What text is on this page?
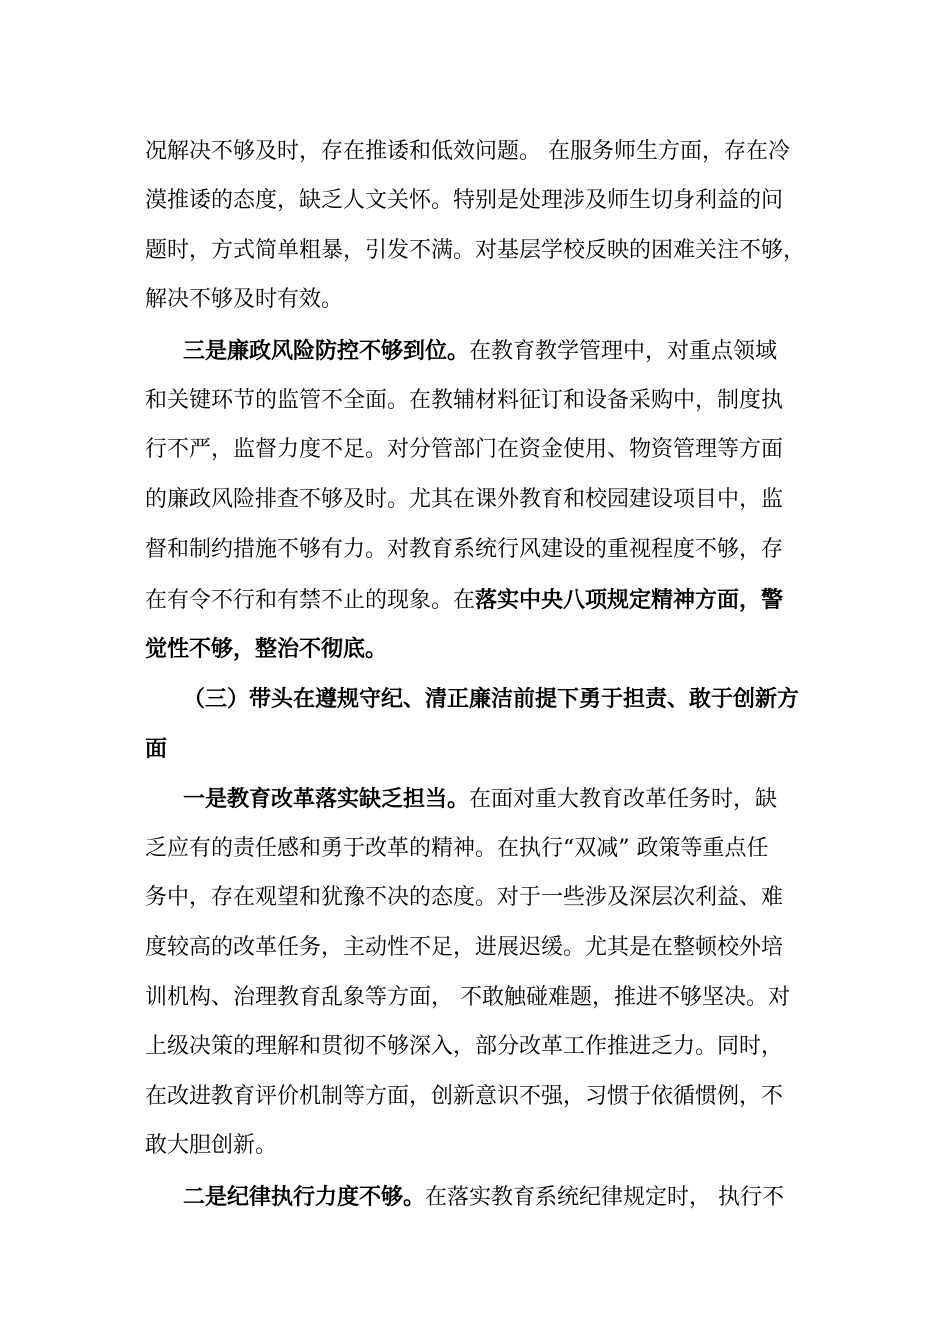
况解决不够及时，存在推诿和低效问题。 在服务师生方面，存在冷
漠推诿的态度，缺乏人文关怀。特别是处理涉及师生切身利益的问
题时，方式简单粗暴，引发不满。对基层学校反映的困难关注不够，
解决不够及时有效。
三是廉政风险防控不够到位。在教育教学管理中，对重点领域
和关键环节的监管不全面。在教辅材料征订和设备采购中，制度执
行不严，监督力度不足。对分管部门在资金使用、物资管理等方面
的廉政风险排查不够及时。尤其在课外教育和校园建设项目中，监
督和制约措施不够有力。对教育系统行风建设的重视程度不够，存
在有令不行和有禁不止的现象。在落实中央八项规定精神方面，警
觉性不够，整治不彻底。
（三）带头在遵规守纪、清正廉洁前提下勇于担责、敢于创新方
面
一是教育改革落实缺乏担当。在面对重大教育改革任务时，缺
乏应有的责任感和勇于改革的精神。在执行“双减” 政策等重点任
务中，存在观望和犹豫不决的态度。对于一些涉及深层次利益、难
度较高的改革任务，主动性不足，进展迟缓。尤其是在整顿校外培
训机构、治理教育乱象等方面， 不敢触碰难题，推进不够坚决。对
上级决策的理解和贯彻不够深入，部分改革工作推进乏力。同时，
在改进教育评价机制等方面，创新意识不强，习惯于依循惯例，不
敢大胆创新。
二是纪律执行力度不够。在落实教育系统纪律规定时， 执行不
